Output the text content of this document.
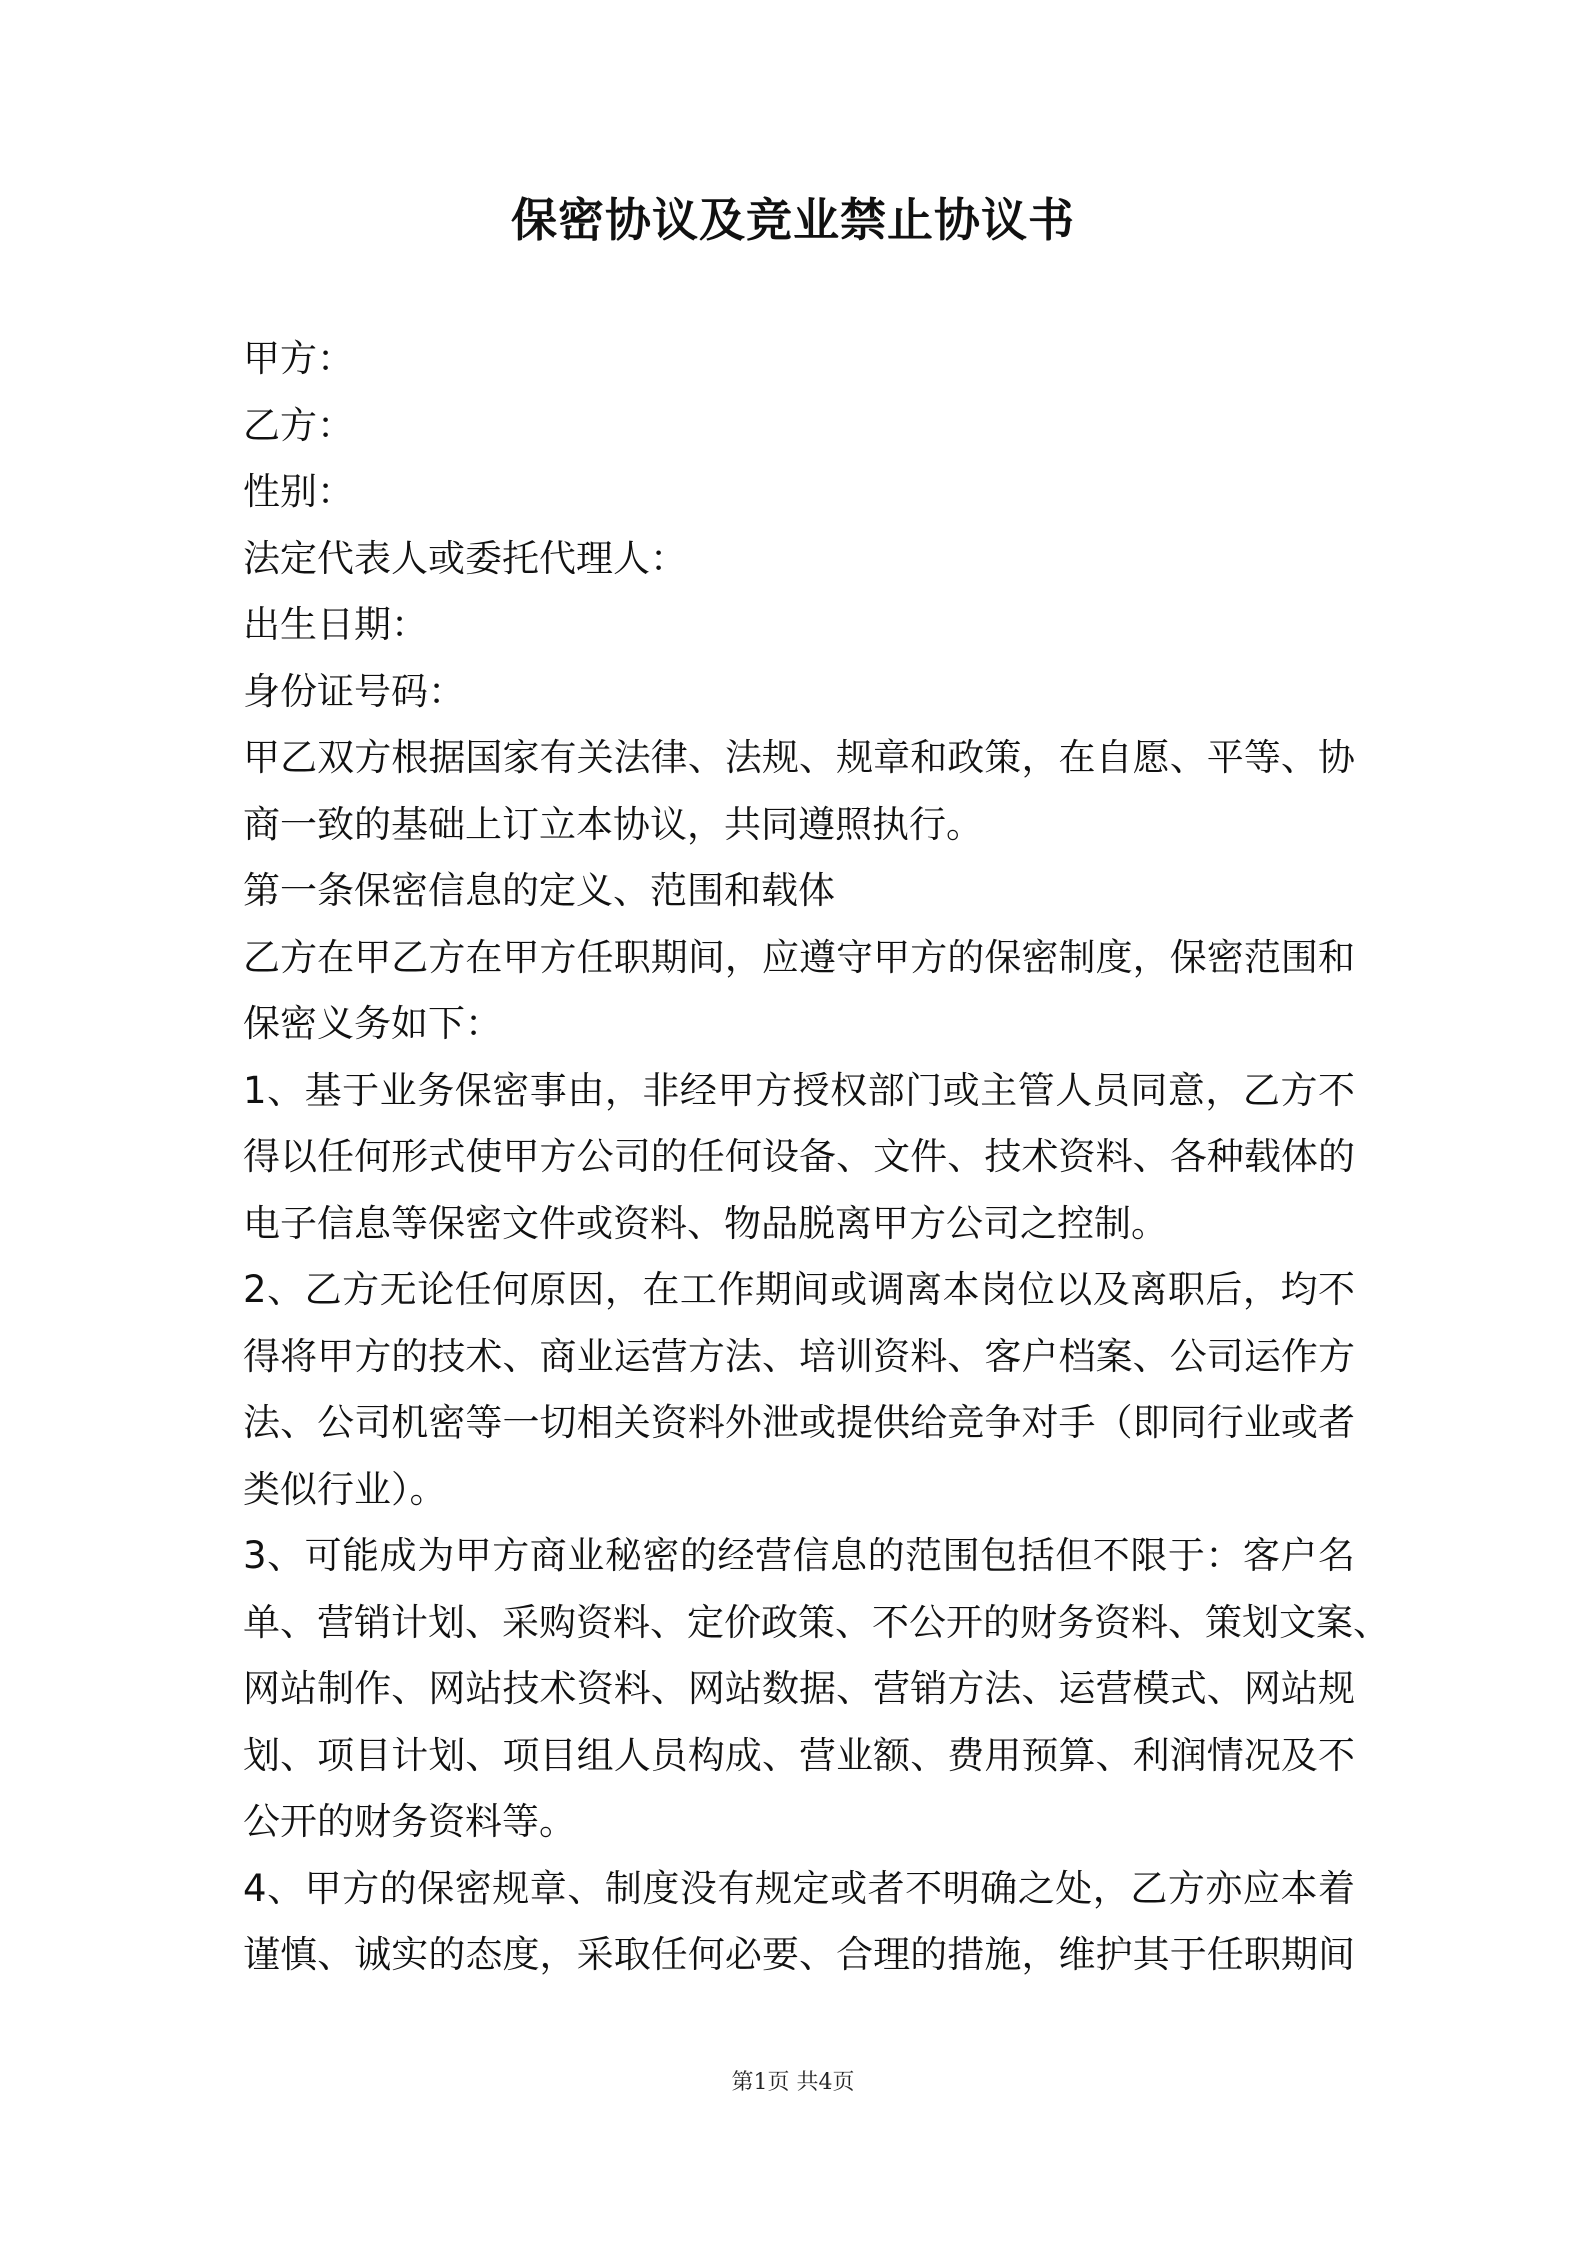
保密协议及竞业禁止协议书
甲方：
乙方：
性别：
法定代表人或委托代理人：
出生日期：
身份证号码：
甲乙双方根据国家有关法律、法规、规章和政策，在自愿、平等、协
商一致的基础上订立本协议，共同遵照执行。
第一条保密信息的定义、范围和载体
乙方在甲乙方在甲方任职期间，应遵守甲方的保密制度，保密范围和
保密义务如下：
1、基于业务保密事由，非经甲方授权部门或主管人员同意，乙方不
得以任何形式使甲方公司的任何设备、文件、技术资料、各种载体的
电子信息等保密文件或资料、物品脱离甲方公司之控制。
2、乙方无论任何原因，在工作期间或调离本岗位以及离职后，均不
得将甲方的技术、商业运营方法、培训资料、客户档案、公司运作方
法、公司机密等一切相关资料外泄或提供给竞争对手（即同行业或者
类似行业）。
3、可能成为甲方商业秘密的经营信息的范围包括但不限于：客户名
单、营销计划、采购资料、定价政策、不公开的财务资料、策划文案、
网站制作、网站技术资料、网站数据、营销方法、运营模式、网站规
划、项目计划、项目组人员构成、营业额、费用预算、利润情况及不
公开的财务资料等。
4、甲方的保密规章、制度没有规定或者不明确之处，乙方亦应本着
谨慎、诚实的态度，采取任何必要、合理的措施，维护其于任职期间
第1页 共4页
